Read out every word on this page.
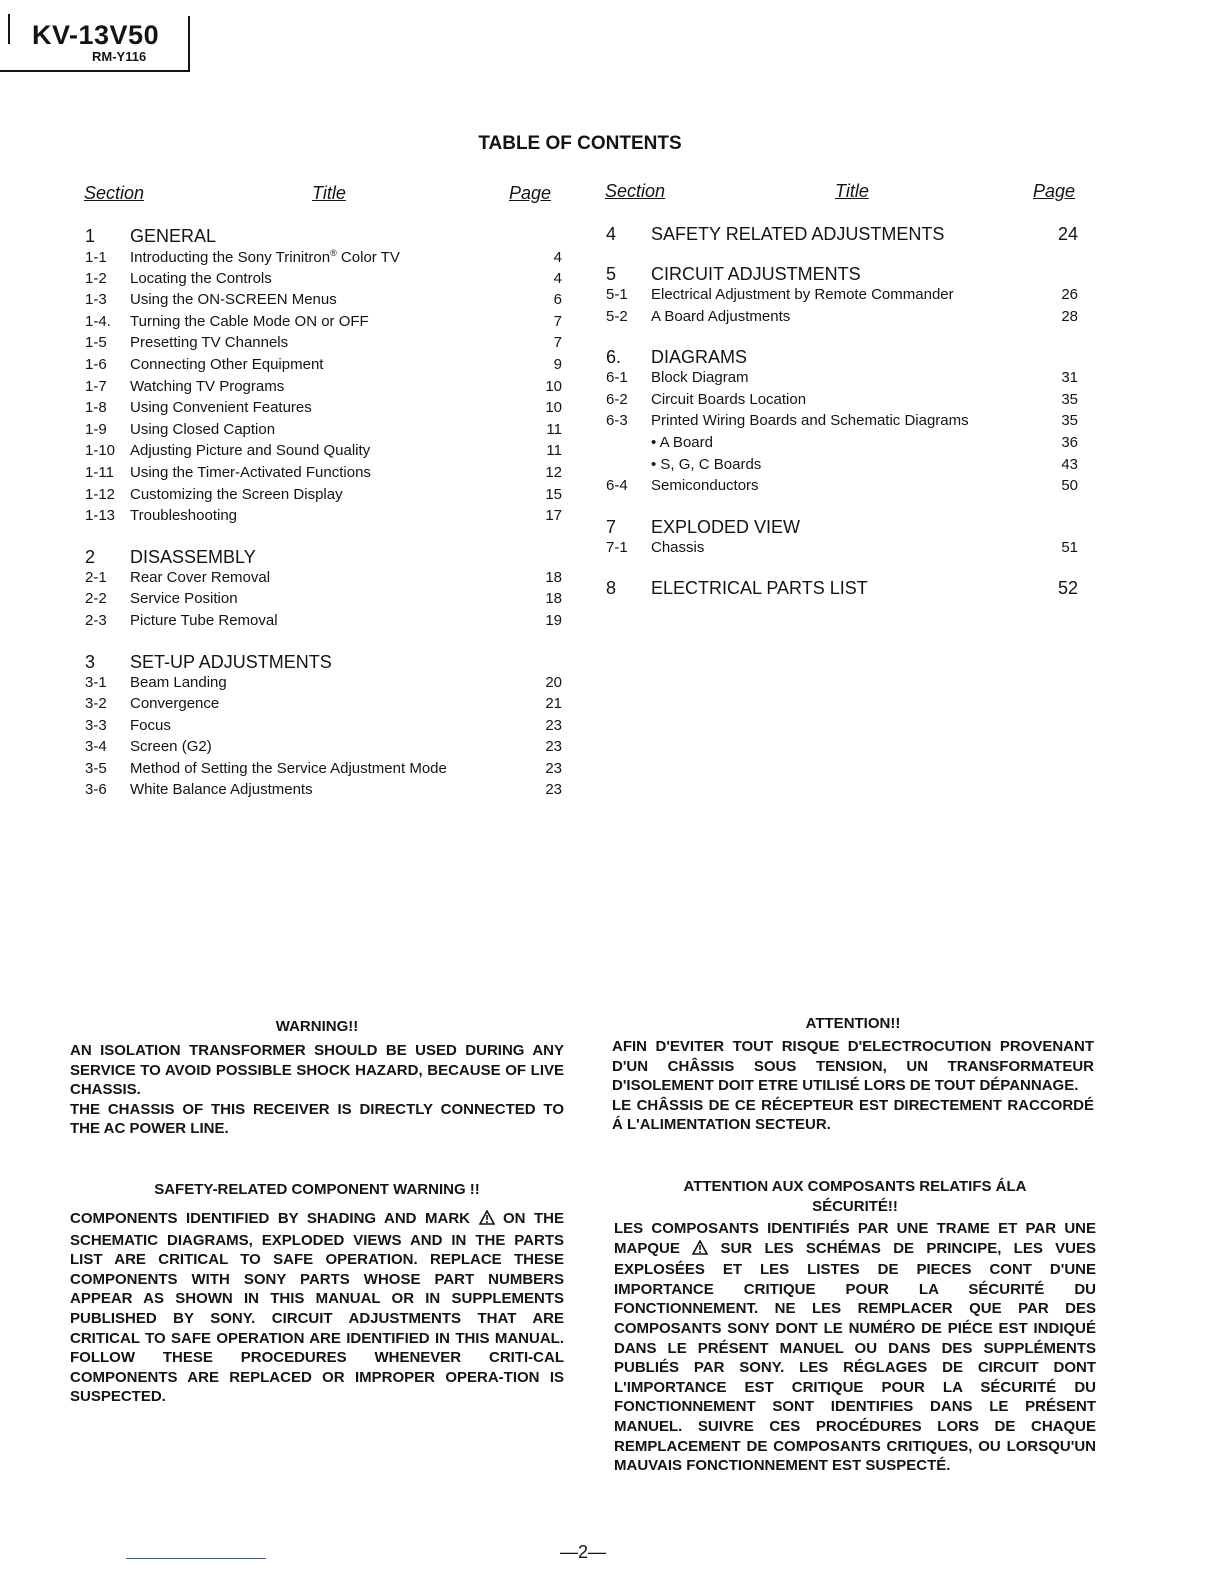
KV-13V50
RM-Y116
TABLE OF CONTENTS
Section	Title	Page	Section	Title	Page
1	GENERAL
1-1	Introducting the Sony Trinitron® Color TV	4
1-2	Locating the Controls	4
1-3	Using the ON-SCREEN Menus	6
1-4.	Turning the Cable Mode ON or OFF	7
1-5	Presetting TV Channels	7
1-6	Connecting Other Equipment	9
1-7	Watching TV Programs	10
1-8	Using Convenient Features	10
1-9	Using Closed Caption	11
1-10 Adjusting Picture and Sound Quality	11
1-11	Using the Timer-Activated Functions	12
1-12 Customizing the Screen Display	15
1-13 Troubleshooting	17
2	DISASSEMBLY
2-1	Rear Cover Removal	18
2-2	Service Position	18
2-3	Picture Tube Removal	19
3	SET-UP ADJUSTMENTS
3-1	Beam Landing	20
3-2	Convergence	21
3-3	Focus	23
3-4	Screen (G2)	23
3-5	Method of Setting the Service Adjustment Mode	23
3-6	White Balance Adjustments	23
4	SAFETY RELATED ADJUSTMENTS	24
5	CIRCUIT ADJUSTMENTS
5-1	Electrical Adjustment by Remote Commander	26
5-2	A Board Adjustments	28
6.	DIAGRAMS
6-1	Block Diagram	31
6-2	Circuit Boards Location	35
6-3	Printed Wiring Boards and Schematic Diagrams	35
• A Board	36
• S, G, C Boards	43
6-4	Semiconductors	50
7	EXPLODED VIEW
7-1	Chassis	51
8	ELECTRICAL PARTS LIST	52
WARNING!!
AN ISOLATION TRANSFORMER SHOULD BE USED DURING ANY SERVICE TO AVOID POSSIBLE SHOCK HAZARD, BECAUSE OF LIVE CHASSIS.
THE CHASSIS OF THIS RECEIVER IS DIRECTLY CONNECTED TO THE AC POWER LINE.
SAFETY-RELATED COMPONENT WARNING !!
COMPONENTS IDENTIFIED BY SHADING AND MARK ON THE SCHEMATIC DIAGRAMS, EXPLODED VIEWS AND IN THE PARTS LIST ARE CRITICAL TO SAFE OPERATION. REPLACE THESE COMPONENTS WITH SONY PARTS WHOSE PART NUMBERS APPEAR AS SHOWN IN THIS MANUAL OR IN SUPPLEMENTS PUBLISHED BY SONY. CIRCUIT ADJUSTMENTS THAT ARE CRITICAL TO SAFE OPERATION ARE IDENTIFIED IN THIS MANUAL. FOLLOW THESE PROCEDURES WHENEVER CRITI-CAL COMPONENTS ARE REPLACED OR IMPROPER OPERA-TION IS SUSPECTED.
ATTENTION!!
AFIN D'EVITER TOUT RISQUE D'ELECTROCUTION PROVENANT D'UN CHÂSSIS SOUS TENSION, UN TRANSFORMATEUR D'ISOLEMENT DOIT ETRE UTILISÉ LORS DE TOUT DÉPANNAGE.
LE CHÂSSIS DE CE RÉCEPTEUR EST DIRECTEMENT RACCORDÉ Á L'ALIMENTATION SECTEUR.
ATTENTION AUX COMPOSANTS RELATIFS ÁLA SÉCURITÉ!!
LES COMPOSANTS IDENTIFIÉS PAR UNE TRAME ET PAR UNE MAPQUE	SUR LES SCHÉMAS DE PRINCIPE, LES VUES EXPLOSÉES ET LES LISTES DE PIECES CONT D'UNE IMPORTANCE CRITIQUE POUR LA SÉCURITÉ DU FONCTIONNEMENT. NE LES REMPLACER QUE PAR DES COMPOSANTS SONY DONT LE NUMÉRO DE PIÉCE EST INDIQUÉ DANS LE PRÉSENT MANUEL OU DANS DES SUPPLÉMENTS PUBLIÉS PAR SONY. LES RÉGLAGES DE CIRCUIT DONT L'IMPORTANCE EST CRITIQUE POUR LA SÉCURITÉ DU FONCTIONNEMENT SONT IDENTIFIES DANS LE PRÉSENT MANUEL. SUIVRE CES PROCÉDURES LORS DE CHAQUE REMPLACEMENT DE COMPOSANTS CRITIQUES, OU LORSQU'UN MAUVAIS FONCTIONNEMENT EST SUSPECTÉ.
—2—
